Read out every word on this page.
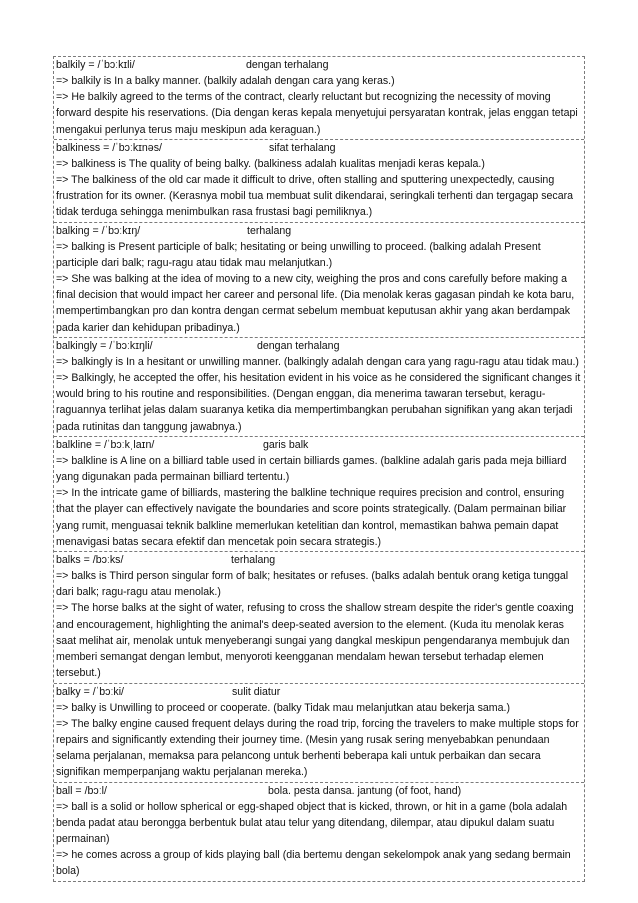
balkily = /ˈbɔːkɪli/	dengan terhalang
=> balkily is In a balky manner. (balkily adalah dengan cara yang keras.)
=> He balkily agreed to the terms of the contract, clearly reluctant but recognizing the necessity of moving forward despite his reservations. (Dia dengan keras kepala menyetujui persyaratan kontrak, jelas enggan tetapi mengakui perlunya terus maju meskipun ada keraguan.)
balkiness = /ˈbɔːkɪnəs/	sifat terhalang
=> balkiness is The quality of being balky. (balkiness adalah kualitas menjadi keras kepala.)
=> The balkiness of the old car made it difficult to drive, often stalling and sputtering unexpectedly, causing frustration for its owner. (Kerasnya mobil tua membuat sulit dikendarai, seringkali terhenti dan tergagap secara tidak terduga sehingga menimbulkan rasa frustasi bagi pemiliknya.)
balking = /ˈbɔːkɪŋ/	terhalang
=> balking is Present participle of balk; hesitating or being unwilling to proceed. (balking adalah Present participle dari balk; ragu-ragu atau tidak mau melanjutkan.)
=> She was balking at the idea of moving to a new city, weighing the pros and cons carefully before making a final decision that would impact her career and personal life. (Dia menolak keras gagasan pindah ke kota baru, mempertimbangkan pro dan kontra dengan cermat sebelum membuat keputusan akhir yang akan berdampak pada karier dan kehidupan pribadinya.)
balkingly = /ˈbɔːkɪŋli/	dengan terhalang
=> balkingly is In a hesitant or unwilling manner. (balkingly adalah dengan cara yang ragu-ragu atau tidak mau.)
=> Balkingly, he accepted the offer, his hesitation evident in his voice as he considered the significant changes it would bring to his routine and responsibilities. (Dengan enggan, dia menerima tawaran tersebut, keragu-raguannya terlihat jelas dalam suaranya ketika dia mempertimbangkan perubahan signifikan yang akan terjadi pada rutinitas dan tanggung jawabnya.)
balkline = /ˈbɔːkˌlaɪn/	garis balk
=> balkline is A line on a billiard table used in certain billiards games. (balkline adalah garis pada meja billiard yang digunakan pada permainan billiard tertentu.)
=> In the intricate game of billiards, mastering the balkline technique requires precision and control, ensuring that the player can effectively navigate the boundaries and score points strategically. (Dalam permainan biliar yang rumit, menguasai teknik balkline memerlukan ketelitian dan kontrol, memastikan bahwa pemain dapat menavigasi batas secara efektif dan mencetak poin secara strategis.)
balks = /bɔːks/	terhalang
=> balks is Third person singular form of balk; hesitates or refuses. (balks adalah bentuk orang ketiga tunggal dari balk; ragu-ragu atau menolak.)
=> The horse balks at the sight of water, refusing to cross the shallow stream despite the rider's gentle coaxing and encouragement, highlighting the animal's deep-seated aversion to the element. (Kuda itu menolak keras saat melihat air, menolak untuk menyeberangi sungai yang dangkal meskipun pengendaranya membujuk dan memberi semangat dengan lembut, menyoroti keengganan mendalam hewan tersebut terhadap elemen tersebut.)
balky = /ˈbɔːki/	sulit diatur
=> balky is Unwilling to proceed or cooperate. (balky Tidak mau melanjutkan atau bekerja sama.)
=> The balky engine caused frequent delays during the road trip, forcing the travelers to make multiple stops for repairs and significantly extending their journey time. (Mesin yang rusak sering menyebabkan penundaan selama perjalanan, memaksa para pelancong untuk berhenti beberapa kali untuk perbaikan dan secara signifikan memperpanjang waktu perjalanan mereka.)
ball = /bɔːl/	bola. pesta dansa. jantung (of foot, hand)
=> ball is a solid or hollow spherical or egg-shaped object that is kicked, thrown, or hit in a game (bola adalah benda padat atau berongga berbentuk bulat atau telur yang ditendang, dilempar, atau dipukul dalam suatu permainan)
=> he comes across a group of kids playing ball (dia bertemu dengan sekelompok anak yang sedang bermain bola)
